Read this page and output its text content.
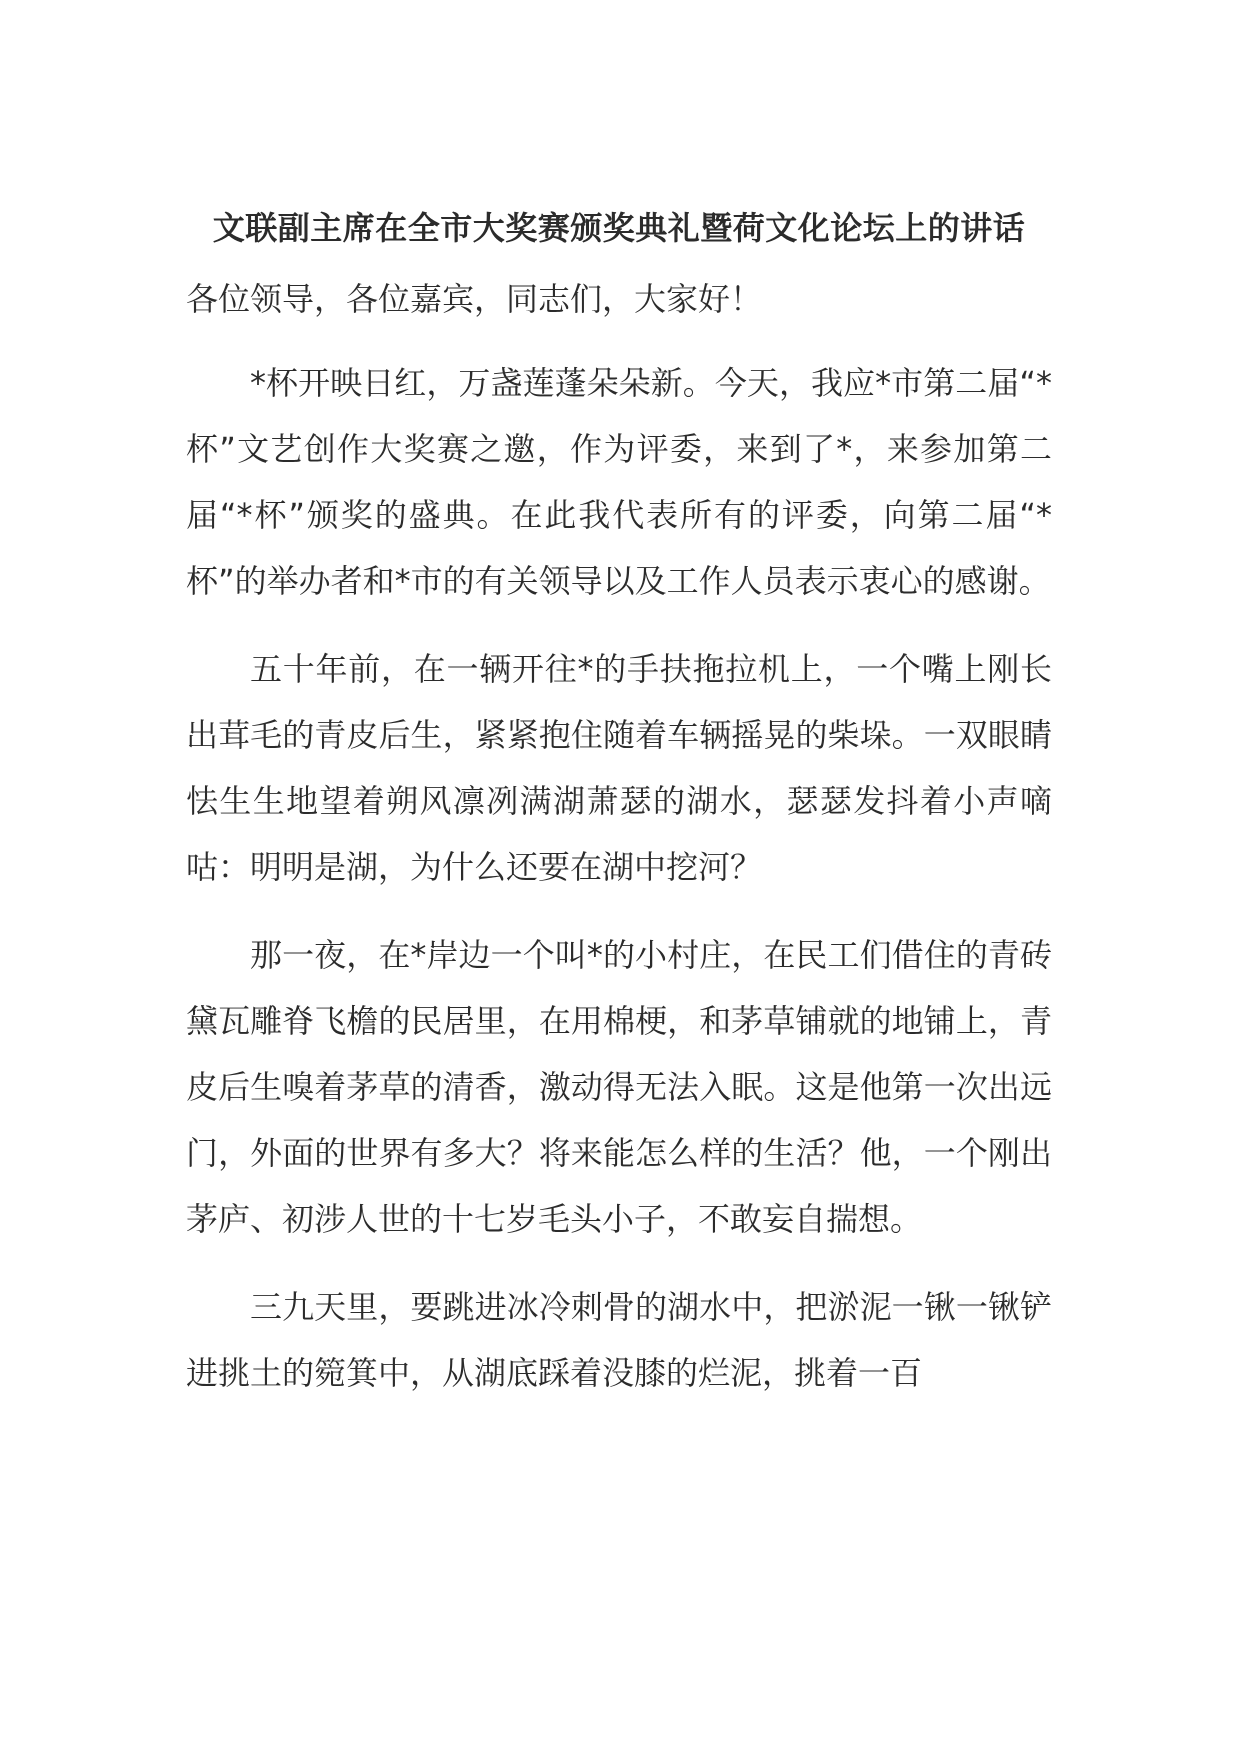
文联副主席在全市大奖赛颁奖典礼暨荷文化论坛上的讲话

各位领导，各位嘉宾，同志们，大家好！

*杯开映日红，万盏莲蓬朵朵新。今天，我应*市第二届“*杯”文艺创作大奖赛之邀，作为评委，来到了*，来参加第二届“*杯”颁奖的盛典。在此我代表所有的评委，向第二届“*杯”的举办者和*市的有关领导以及工作人员表示衷心的感谢。

五十年前，在一辆开往*的手扶拖拉机上，一个嘴上刚长出茸毛的青皮后生，紧紧抱住随着车辆摇晃的柴垛。一双眼睛怯生生地望着朔风凛冽满湖萧瑟的湖水，瑟瑟发抖着小声嘀咕：明明是湖，为什么还要在湖中挖河？

那一夜，在*岸边一个叫*的小村庄，在民工们借住的青砖黛瓦雕脊飞檐的民居里，在用棉梗，和茅草铺就的地铺上，青皮后生嗅着茅草的清香，激动得无法入眠。这是他第一次出远门，外面的世界有多大？将来能怎么样的生活？他，一个刚出茅庐、初涉人世的十七岁毛头小子，不敢妄自揣想。

三九天里，要跳进冰冷刺骨的湖水中，把淤泥一锹一锹铲进挑土的箢箕中，从湖底踩着没膝的烂泥，挑着一百
